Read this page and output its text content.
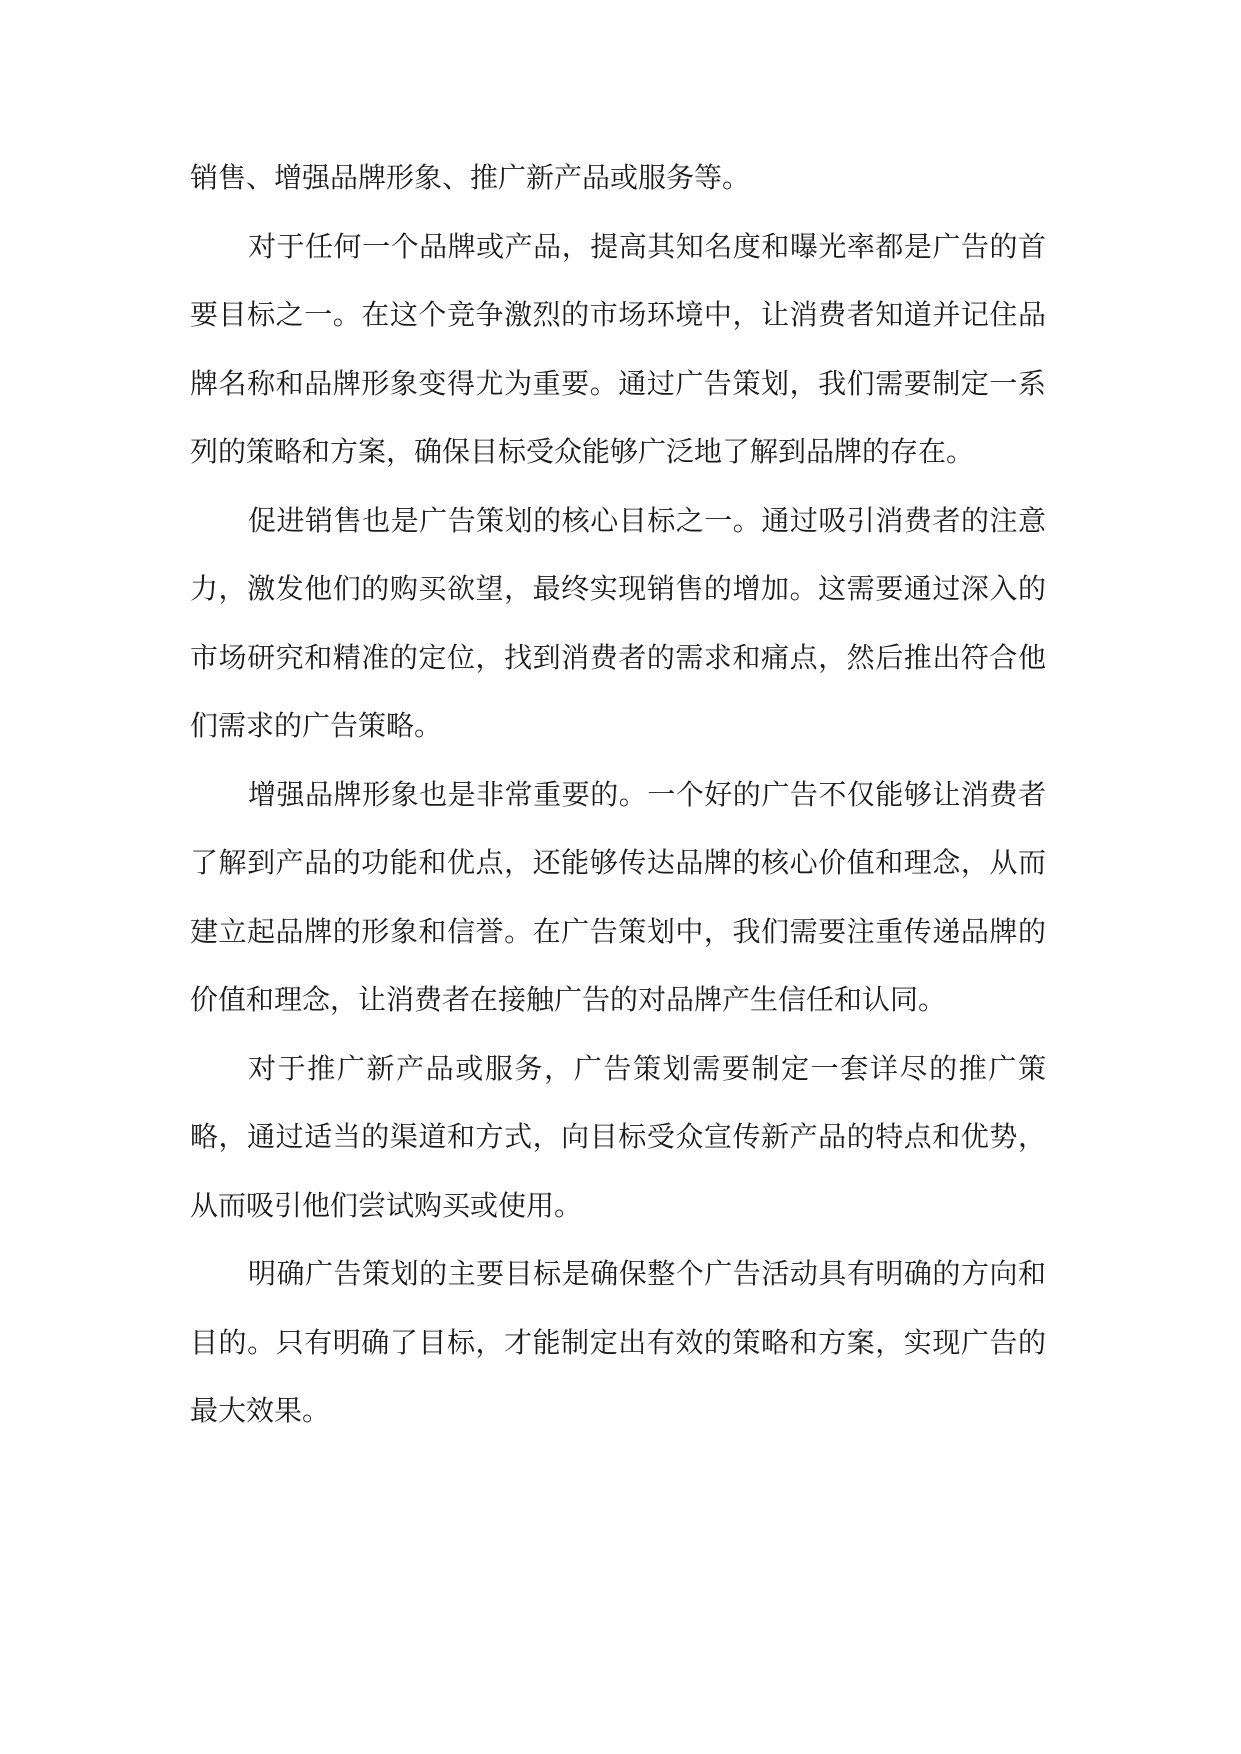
销售、增强品牌形象、推广新产品或服务等。

对于任何一个品牌或产品，提高其知名度和曝光率都是广告的首要目标之一。在这个竞争激烈的市场环境中，让消费者知道并记住品牌名称和品牌形象变得尤为重要。通过广告策划，我们需要制定一系列的策略和方案，确保目标受众能够广泛地了解到品牌的存在。

促进销售也是广告策划的核心目标之一。通过吸引消费者的注意力，激发他们的购买欲望，最终实现销售的增加。这需要通过深入的市场研究和精准的定位，找到消费者的需求和痛点，然后推出符合他们需求的广告策略。

增强品牌形象也是非常重要的。一个好的广告不仅能够让消费者了解到产品的功能和优点，还能够传达品牌的核心价值和理念，从而建立起品牌的形象和信誉。在广告策划中，我们需要注重传递品牌的价值和理念，让消费者在接触广告的对品牌产生信任和认同。

对于推广新产品或服务，广告策划需要制定一套详尽的推广策略，通过适当的渠道和方式，向目标受众宣传新产品的特点和优势，从而吸引他们尝试购买或使用。

明确广告策划的主要目标是确保整个广告活动具有明确的方向和目的。只有明确了目标，才能制定出有效的策略和方案，实现广告的最大效果。
